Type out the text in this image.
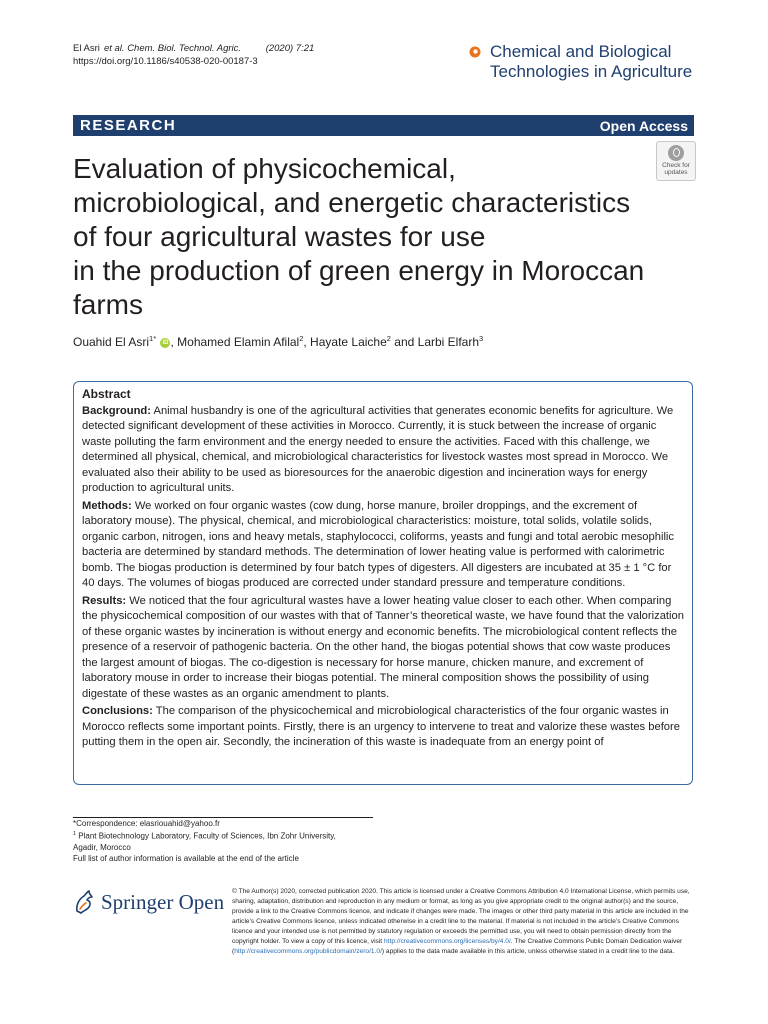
El Asri et al. Chem. Biol. Technol. Agric.	(2020) 7:21
https://doi.org/10.1186/s40538-020-00187-3
Chemical and Biological
Technologies in Agriculture
RESEARCH	Open Access
Check for
updates
Evaluation of physicochemical,
microbiological, and energetic characteristics
of four agricultural wastes for use
in the production of green energy in Moroccan
farms
Ouahid El Asri$^{1*}$ iD , Mohamed Elamin Afilal$^2$, Hayate Laiche$^2$ and Larbi Elfarh$^3$
Abstract

Background: Animal husbandry is one of the agricultural activities that generates economic benefits for agriculture. We detected significant development of these activities in Morocco. Currently, it is stuck between the increase of organic waste polluting the farm environment and the energy needed to ensure the activities. Faced with this challenge, we determined all physical, chemical, and microbiological characteristics for livestock wastes most spread in Morocco. We evaluated also their ability to be used as bioresources for the anaerobic digestion and incineration ways for energy production to agricultural units.

Methods: We worked on four organic wastes (cow dung, horse manure, broiler droppings, and the excrement of laboratory mouse). The physical, chemical, and microbiological characteristics: moisture, total solids, volatile solids, organic carbon, nitrogen, ions and heavy metals, staphylococci, coliforms, yeasts and fungi and total aerobic mesophilic bacteria are determined by standard methods. The determination of lower heating value is performed with calorimetric bomb. The biogas production is determined by four batch types of digesters. All digesters are incubated at 35 ± 1 °C for 40 days. The volumes of biogas produced are corrected under standard pressure and temperature conditions.

Results: We noticed that the four agricultural wastes have a lower heating value closer to each other. When comparing the physicochemical composition of our wastes with that of Tanner’s theoretical waste, we have found that the valorization of these organic wastes by incineration is without energy and economic benefits. The microbiological content reflects the presence of a reservoir of pathogenic bacteria. On the other hand, the biogas potential shows that cow waste produces the largest amount of biogas. The co-digestion is necessary for horse manure, chicken manure, and excrement of laboratory mouse in order to increase their biogas potential. The mineral composition shows the possibility of using digestate of these wastes as an organic amendment to plants.

Conclusions: The comparison of the physicochemical and microbiological characteristics of the four organic wastes in Morocco reflects some important points. Firstly, there is an urgency to intervene to treat and valorize these wastes before putting them in the open air. Secondly, the incineration of this waste is inadequate from an energy point of

*Correspondence: elasriouahid@yahoo.fr
$^1$ Plant Biotechnology Laboratory, Faculty of Sciences, Ibn Zohr University,
Agadir, Morocco
Full list of author information is available at the end of the article
Springer Open © The Author(s) 2020, corrected publication 2020. This article is licensed under a Creative Commons Attribution 4.0 International License, which permits use, sharing, adaptation, distribution and reproduction in any medium or format, as long as you give appropriate credit to the original author(s) and the source, provide a link to the Creative Commons licence, and indicate if changes were made. The images or other third party material in this article are included in the article’s Creative Commons licence, unless indicated otherwise in a credit line to the material. If material is not included in the article’s Creative Commons licence and your intended use is not permitted by statutory regulation or exceeds the permitted use, you will need to obtain permission directly from the copyright holder. To view a copy of this licence, visit http://creativecommons.org/licenses/by/4.0/. The Creative Commons Public Domain Dedication waiver (http://creativecommons.org/publicdomain/zero/1.0/) applies to the data made available in this article, unless otherwise stated in a credit line to the data.
